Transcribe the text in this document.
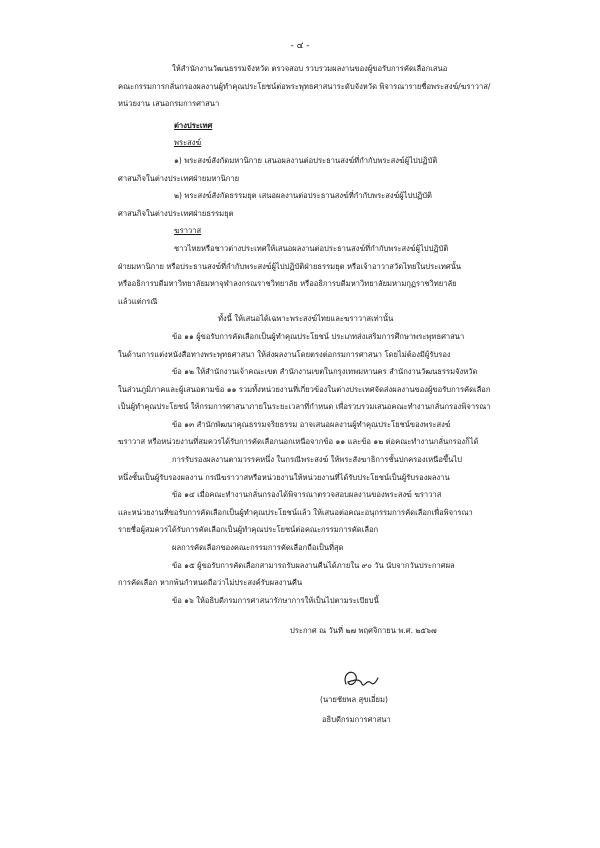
- ๔ -
ให้สำนักงานวัฒนธรรมจังหวัด ตรวจสอบ รวบรวมผลงานของผู้ขอรับการคัดเลือกเสนอ
คณะกรรมการกลั่นกรองผลงานผู้ทำคุณประโยชน์ต่อพระพุทธศาสนาระดับจังหวัด พิจารณารายชื่อพระสงฆ์/ฆราวาส/
หน่วยงาน เสนอกรมการศาสนา
ต่างประเทศ
พระสงฆ์
๑) พระสงฆ์สังกัดมหานิกาย เสนอผลงานต่อประธานสงฆ์ที่กำกับพระสงฆ์ผู้ไปปฏิบัติ
ศาสนกิจในต่างประเทศฝ่ายมหานิกาย
๒) พระสงฆ์สังกัดธรรมยุต เสนอผลงานต่อประธานสงฆ์ที่กำกับพระสงฆ์ผู้ไปปฏิบัติ
ศาสนกิจในต่างประเทศฝ่ายธรรมยุต
ฆราวาส
ชาวไทยหรือชาวต่างประเทศให้เสนอผลงานต่อประธานสงฆ์ที่กำกับพระสงฆ์ผู้ไปปฏิบัติ
ฝ่ายมหานิกาย หรือประธานสงฆ์ที่กำกับพระสงฆ์ผู้ไปปฏิบัติฝ่ายธรรมยุต หรือเจ้าอาวาสวัดไทยในประเทศนั้น
หรืออธิการบดีมหาวิทยาลัยมหาจุฬาลงกรณราชวิทยาลัย หรืออธิการบดีมหาวิทยาลัยมหามกุฏราชวิทยาลัย
แล้วแต่กรณี
ทั้งนี้ ให้เสนอได้เฉพาะพระสงฆ์ไทยและฆราวาสเท่านั้น
ข้อ ๑๑ ผู้ขอรับการคัดเลือกเป็นผู้ทำคุณประโยชน์ ประเภทส่งเสริมการศึกษาพระพุทธศาสนา
ในด้านการแต่งหนังสือทางพระพุทธศาสนา ให้ส่งผลงานโดยตรงต่อกรมการศาสนา โดยไม่ต้องมีผู้รับรอง
ข้อ ๑๒ ให้สำนักงานเจ้าคณะเขต สำนักงานเขตในกรุงเทพมหานคร สำนักงานวัฒนธรรมจังหวัด
ในส่วนภูมิภาคและผู้เสนอตามข้อ ๑๑ รวมทั้งหน่วยงานที่เกี่ยวข้องในต่างประเทศจัดส่งผลงานของผู้ขอรับการคัดเลือก
เป็นผู้ทำคุณประโยชน์ ให้กรมการศาสนาภายในระยะเวลาที่กำหนด เพื่อรวบรวมเสนอคณะทำงานกลั่นกรองพิจารณา
ข้อ ๑๓ สำนักพัฒนาคุณธรรมจริยธรรม อาจเสนอผลงานผู้ทำคุณประโยชน์ของพระสงฆ์
ฆราวาส หรือหน่วยงานที่สมควรได้รับการคัดเลือกนอกเหนือจากข้อ ๑๑ และข้อ ๑๒ ต่อคณะทำงานกลั่นกรองก็ได้
การรับรองผลงานตามวรรคหนึ่ง ในกรณีพระสงฆ์ ให้พระสังฆาธิการชั้นปกครองเหนือขึ้นไป
หนึ่งชั้นเป็นผู้รับรองผลงาน กรณีฆราวาสหรือหน่วยงานให้หน่วยงานที่ได้รับประโยชน์เป็นผู้รับรองผลงาน
ข้อ ๑๔ เมื่อคณะทำงานกลั่นกรองได้พิจารณาตรวจสอบผลงานของพระสงฆ์ ฆราวาส
และหน่วยงานที่ขอรับการคัดเลือกเป็นผู้ทำคุณประโยชน์แล้ว ให้เสนอต่อคณะอนุกรรมการคัดเลือกเพื่อพิจารณา
รายชื่อผู้สมควรได้รับการคัดเลือกเป็นผู้ทำคุณประโยชน์ต่อคณะกรรมการคัดเลือก
ผลการคัดเลือกของคณะกรรมการคัดเลือกถือเป็นที่สุด
ข้อ ๑๕ ผู้ขอรับการคัดเลือกสามารถรับผลงานคืนได้ภายใน ๙๐ วัน นับจากวันประกาศผล
การคัดเลือก หากพ้นกำหนดถือว่าไม่ประสงค์รับผลงานคืน
ข้อ ๑๖ ให้อธิบดีกรมการศาสนารักษาการให้เป็นไปตามระเบียบนี้
ประกาศ ณ วันที่ ๒๗ พฤศจิกายน พ.ศ. ๒๕๖๗
(นายชัยพล สุขเอี่ยม)
อธิบดีกรมการศาสนา
